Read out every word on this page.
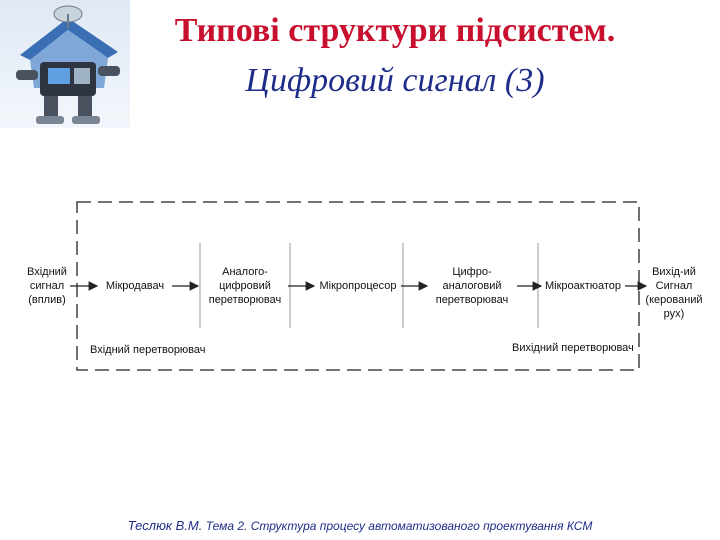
Типові структури підсистем.
Цифровий сигнал (3)
Вхідний
сигнал
(вплив)
Мікродавач
Аналого-
цифровий
перетворювач
Мікропроцесор
Цифро-
аналоговий
перетворювач
Мікроактюатор
Вихід-ий
Сигнал
(керований
рух)
Вхідний перетворювач	Вихідний перетворювач
Теслюк В.М. Тема 2. Структура процесу автоматизованого проектування КСМ
